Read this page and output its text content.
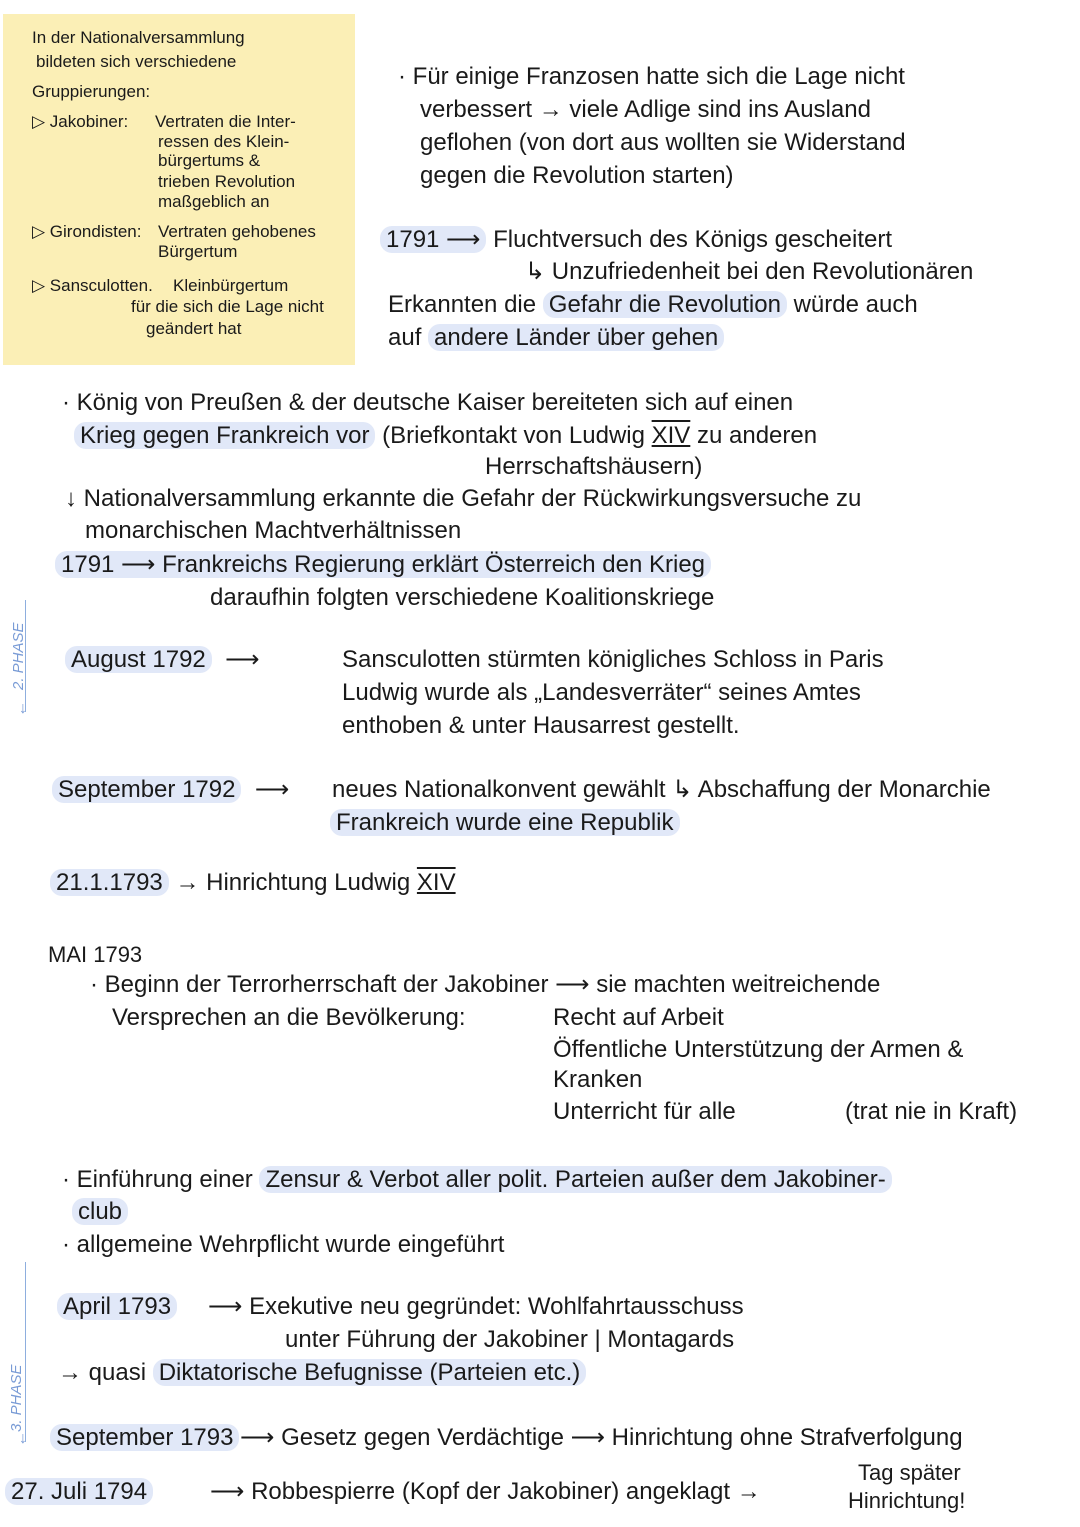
In der Nationalversammlung
bildeten sich verschiedene
Gruppierungen:
▷ Jakobiner: Vertraten die Inter-
ressen des Klein-
bürgertums &
trieben Revolution
maßgeblich an
▷ Girondisten: Vertraten gehobenes
Bürgertum
▷ Sansculotten. Kleinbürgertum
für die sich die Lage nicht
geändert hat
· Für einige Franzosen hatte sich die Lage nicht
verbessert → viele Adlige sind ins Ausland
geflohen (von dort aus wollten sie Widerstand
gegen die Revolution starten)
1791 ⟶ Fluchtversuch des Königs gescheitert
↳ Unzufriedenheit bei den Revolutionären
Erkannten die Gefahr die Revolution würde auch
auf andere Länder über gehen
· König von Preußen & der deutsche Kaiser bereiteten sich auf einen
Krieg gegen Frankreich vor (Briefkontakt von Ludwig XIV zu anderen
Herrschaftshäusern)
↓ Nationalversammlung erkannte die Gefahr der Rückwirkungsversuche zu
monarchischen Machtverhältnissen
1791 ⟶ Frankreichs Regierung erklärt Österreich den Krieg
daraufhin folgten verschiedene Koalitionskriege
August 1792 ⟶	Sansculotten stürmten königliches Schloss in Paris
Ludwig wurde als „Landesverräter“ seines Amtes
enthoben & unter Hausarrest gestellt.
September 1792 ⟶ neues Nationalkonvent gewählt ↳ Abschaffung der Monarchie
Frankreich wurde eine Republik
21.1.1793 → Hinrichtung Ludwig XIV
MAI 1793
· Beginn der Terrorherrschaft der Jakobiner ⟶ sie machten weitreichende
Versprechen an die Bevölkerung:	Recht auf Arbeit
Öffentliche Unterstützung der Armen &
Kranken
Unterricht für alle	(trat nie in Kraft)
· Einführung einer Zensur & Verbot aller polit. Parteien außer dem Jakobiner-
club
· allgemeine Wehrpflicht wurde eingeführt
April 1793 ⟶ Exekutive neu gegründet: Wohlfahrtausschuss
unter Führung der Jakobiner | Montagards
→ quasi Diktatorische Befugnisse (Parteien etc.)
September 1793 ⟶ Gesetz gegen Verdächtige ⟶ Hinrichtung ohne Strafverfolgung
27. Juli 1794	⟶ Robbespierre (Kopf der Jakobiner) angeklagt →
Tag später
Hinrichtung!
↓
2. PHASE
↓
3. PHASE
